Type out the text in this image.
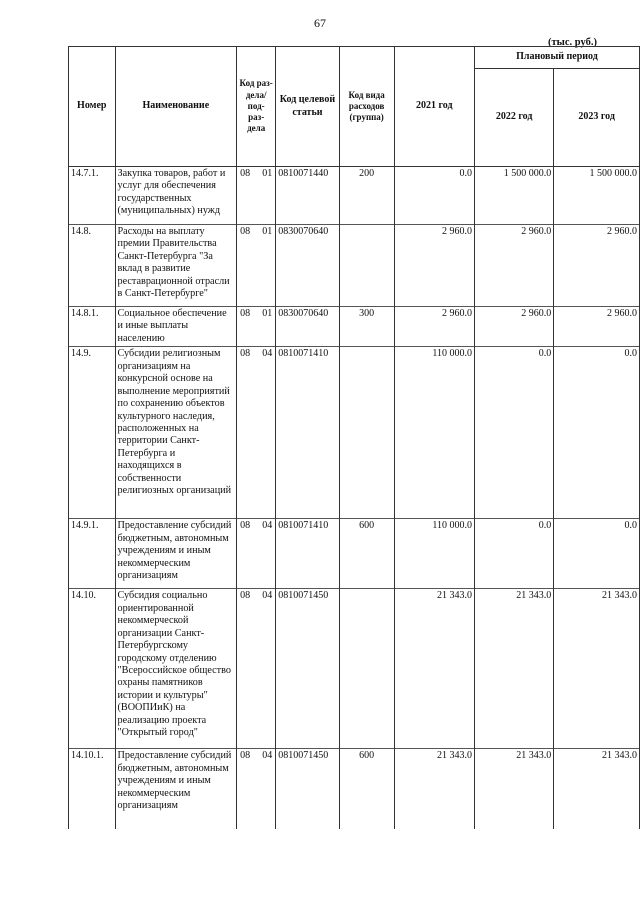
67
(тыс. руб.)
Номер	Наименование	Код раз- дела/ под- раз- дела	Код целевой статьи	Код вида расходов (группа)	2021 год	Плановый период	
						2022 год	2023 год
14.7.1.	Закупка товаров, работ и услуг для обеспечения государственных (муниципальных) нужд	08 01	0810071440	200	0.0	1 500 000.0	1 500 000.0
14.8.	Расходы на выплату премии Правительства Санкт-Петербурга "За вклад в развитие реставрационной отрасли в Санкт-Петербурге"	08 01	0830070640		2 960.0	2 960.0	2 960.0
14.8.1.	Социальное обеспечение и иные выплаты населению	08 01	0830070640	300	2 960.0	2 960.0	2 960.0
14.9.	Субсидии религиозным организациям на конкурсной основе на выполнение мероприятий по сохранению объектов культурного наследия, расположенных на территории Санкт-Петербурга и находящихся в собственности религиозных организаций	08 04	0810071410		110 000.0	0.0	0.0
14.9.1.	Предоставление субсидий бюджетным, автономным учреждениям и иным некоммерческим организациям	08 04	0810071410	600	110 000.0	0.0	0.0
14.10.	Субсидия социально ориентированной некоммерческой организации Санкт-Петербургскому городскому отделению "Всероссийское общество охраны памятников истории и культуры" (ВООПИиК) на реализацию проекта "Открытый город"	08 04	0810071450		21 343.0	21 343.0	21 343.0
14.10.1.	Предоставление субсидий бюджетным, автономным учреждениям и иным некоммерческим организациям	08 04	0810071450	600	21 343.0	21 343.0	21 343.0
